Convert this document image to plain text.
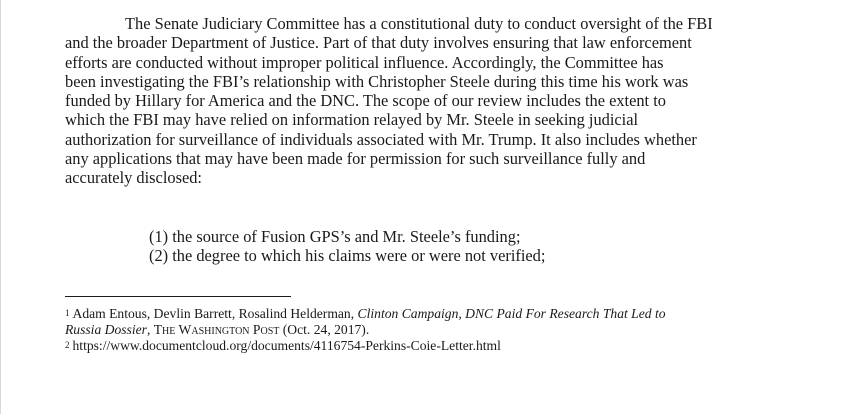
The Senate Judiciary Committee has a constitutional duty to conduct oversight of the FBI
and the broader Department of Justice. Part of that duty involves ensuring that law enforcement
efforts are conducted without improper political influence. Accordingly, the Committee has
been investigating the FBI’s relationship with Christopher Steele during this time his work was
funded by Hillary for America and the DNC. The scope of our review includes the extent to
which the FBI may have relied on information relayed by Mr. Steele in seeking judicial
authorization for surveillance of individuals associated with Mr. Trump. It also includes whether
any applications that may have been made for permission for such surveillance fully and
accurately disclosed:
(1) the source of Fusion GPS’s and Mr. Steele’s funding;
(2) the degree to which his claims were or were not verified;
$^1$ Adam Entous, Devlin Barrett, Rosalind Helderman, Clinton Campaign, DNC Paid For Research That Led to
Russia Dossier, The Washington Post (Oct. 24, 2017).
$^2$ https://www.documentcloud.org/documents/4116754-Perkins-Coie-Letter.html
